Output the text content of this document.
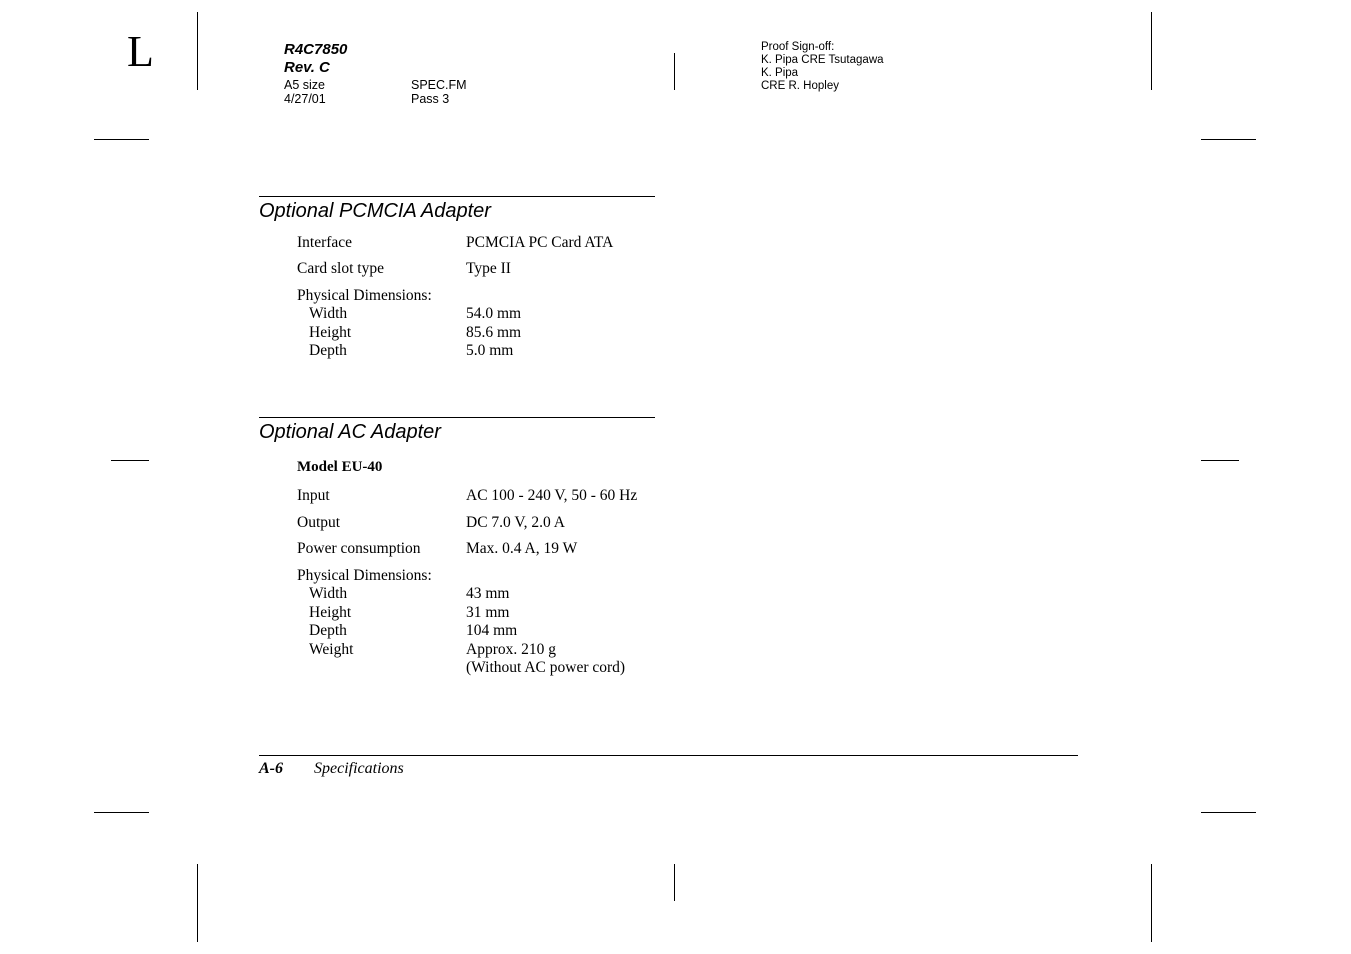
L	R4C7850
Rev. C
A5 size	SPEC.FM
4/27/01	Pass 3
Proof Sign-off:
K. Pipa CRE Tsutagawa
K. Pipa
CRE R. Hopley
Optional PCMCIA Adapter
Interface	PCMCIA PC Card ATA
Card slot type	Type II
Physical Dimensions:
Width	54.0 mm
Height	85.6 mm
Depth	5.0 mm
Optional AC Adapter
Model EU-40
Input	AC 100 - 240 V, 50 - 60 Hz
Output	DC 7.0 V, 2.0 A
Power consumption	Max. 0.4 A, 19 W
Physical Dimensions:
Width	43 mm
Height	31 mm
Depth	104 mm
Weight	Approx. 210 g
(Without AC power cord)
A-6 Specifications
